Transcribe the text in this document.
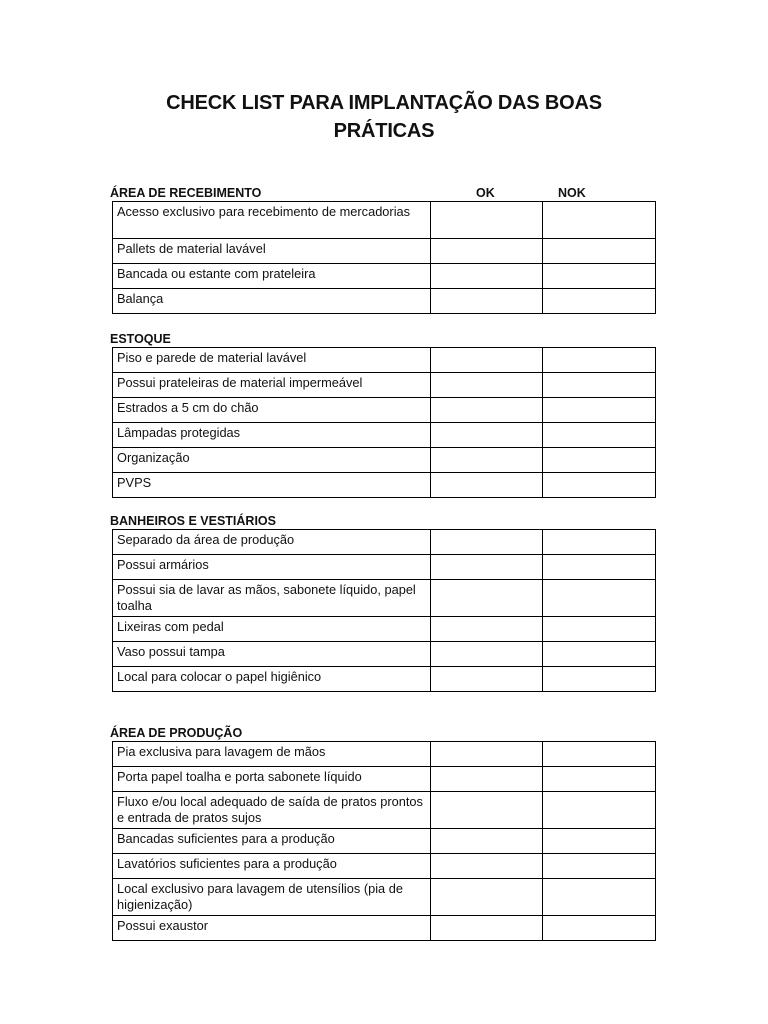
CHECK LIST PARA IMPLANTAÇÃO DAS BOAS
PRÁTICAS
ÁREA DE RECEBIMENTO	OK	NOK
Acesso exclusivo para recebimento de mercadorias		
Pallets de material lavável		
Bancada ou estante com prateleira		
Balança		
ESTOQUE
Piso e parede de material lavável		
Possui prateleiras de material impermeável		
Estrados a 5 cm do chão		
Lâmpadas protegidas		
Organização		
PVPS		
BANHEIROS E VESTIÁRIOS
Separado da área de produção		
Possui armários		
Possui sia de lavar as mãos, sabonete líquido, papel toalha		
Lixeiras com pedal		
Vaso possui tampa		
Local para colocar o papel higiênico		
ÁREA DE PRODUÇÃO
Pia exclusiva para lavagem de mãos		
Porta papel toalha e porta sabonete líquido		
Fluxo e/ou local adequado de saída de pratos prontos e entrada de pratos sujos		
Bancadas suficientes para a produção		
Lavatórios suficientes para a produção		
Local exclusivo para lavagem de utensílios (pia de higienização)		
Possui exaustor		
